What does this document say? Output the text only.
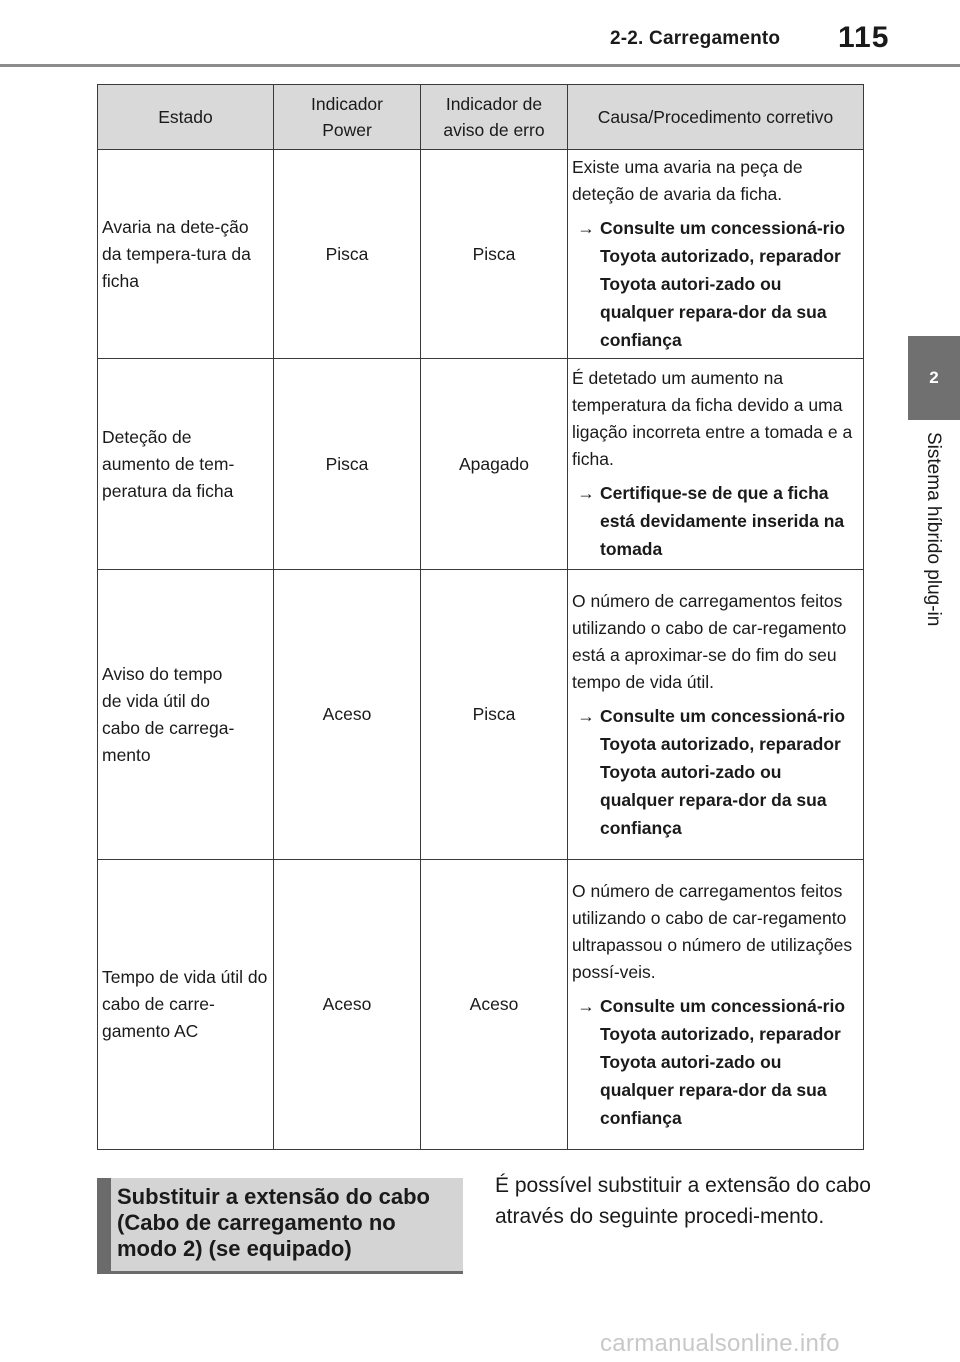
2-2. Carregamento 115
2
Sistema híbrido plug-in
Estado	Indicador Power	Indicador de aviso de erro	Causa/Procedimento corretivo
Avaria na dete-ção da tempera-tura da ficha	Pisca	Pisca	Existe uma avaria na peça de deteção de avaria da ficha.
→ Consulte um concessioná-rio Toyota autorizado, reparador Toyota autori-zado ou qualquer repara-dor da sua confiança

Deteção de aumento de tem-peratura da ficha	Pisca	Apagado	É detetado um aumento na temperatura da ficha devido a uma ligação incorreta entre a tomada e a ficha.
→ Certifique-se de que a ficha está devidamente inserida na tomada

Aviso do tempo de vida útil do cabo de carrega-mento	Aceso	Pisca	O número de carregamentos feitos utilizando o cabo de car-regamento está a aproximar-se do fim do seu tempo de vida útil.
→ Consulte um concessioná-rio Toyota autorizado, reparador Toyota autori-zado ou qualquer repara-dor da sua confiança

Tempo de vida útil do cabo de carre-gamento AC	Aceso	Aceso	O número de carregamentos feitos utilizando o cabo de car-regamento ultrapassou o número de utilizações possí-veis.
→ Consulte um concessioná-rio Toyota autorizado, reparador Toyota autori-zado ou qualquer repara-dor da sua confiança
Substituir a extensão do cabo (Cabo de carregamento no modo 2) (se equipado)
É possível substituir a extensão do cabo através do seguinte procedi-mento.
carmanualsonline.info
